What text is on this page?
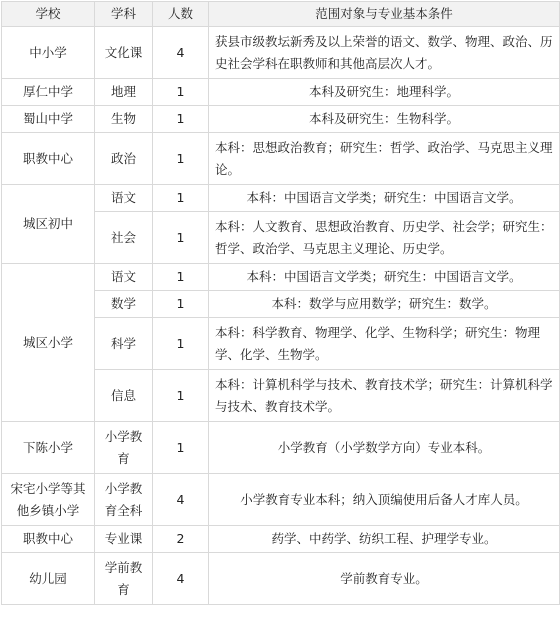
学校	学科	人数	范围对象与专业基本条件
中小学	文化课	4	获县市级教坛新秀及以上荣誉的语文、数学、物理、政治、历史社会学科在职教师和其他高层次人才。
厚仁中学	地理	1	本科及研究生：地理科学。
蜀山中学	生物	1	本科及研究生：生物科学。
职教中心	政治	1	本科：思想政治教育；研究生：哲学、政治学、马克思主义理论。
城区初中	语文	1	本科：中国语言文学类；研究生：中国语言文学。
	社会	1	本科：人文教育、思想政治教育、历史学、社会学；研究生：哲学、政治学、马克思主义理论、历史学。
城区小学	语文	1	本科：中国语言文学类；研究生：中国语言文学。
	数学	1	本科：数学与应用数学；研究生：数学。
	科学	1	本科：科学教育、物理学、化学、生物科学；研究生：物理学、化学、生物学。
	信息	1	本科：计算机科学与技术、教育技术学；研究生：计算机科学与技术、教育技术学。
下陈小学	小学教育	1	小学教育（小学数学方向）专业本科。
宋宅小学等其他乡镇小学	小学教育全科	4	小学教育专业本科；纳入顶编使用后备人才库人员。
职教中心	专业课	2	药学、中药学、纺织工程、护理学专业。
幼儿园	学前教育	4	学前教育专业。
